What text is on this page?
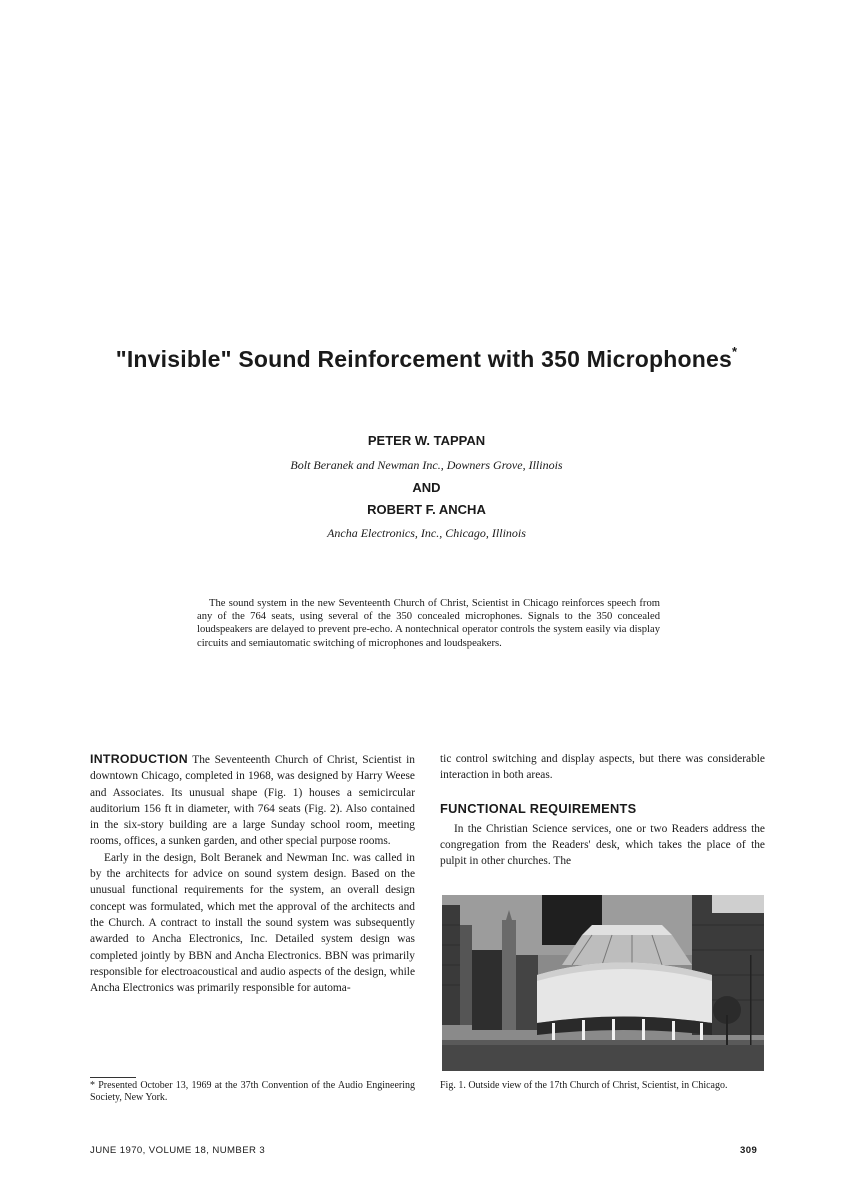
"Invisible" Sound Reinforcement with 350 Microphones*
PETER W. TAPPAN
Bolt Beranek and Newman Inc., Downers Grove, Illinois
AND
ROBERT F. ANCHA
Ancha Electronics, Inc., Chicago, Illinois
The sound system in the new Seventeenth Church of Christ, Scientist in Chicago reinforces speech from any of the 764 seats, using several of the 350 concealed microphones. Signals to the 350 concealed loudspeakers are delayed to prevent pre-echo. A nontechnical operator controls the system easily via display circuits and semiautomatic switching of microphones and loudspeakers.

INTRODUCTION The Seventeenth Church of Christ, Scientist in downtown Chicago, completed in 1968, was designed by Harry Weese and Associates. Its unusual shape (Fig. 1) houses a semicircular auditorium 156 ft in diameter, with 764 seats (Fig. 2). Also contained in the six-story building are a large Sunday school room, meeting rooms, offices, a sunken garden, and other special purpose rooms.

Early in the design, Bolt Beranek and Newman Inc. was called in by the architects for advice on sound system design. Based on the unusual functional requirements for the system, an overall design concept was formulated, which met the approval of the architects and the Church. A contract to install the sound system was subsequently awarded to Ancha Electronics, Inc. Detailed system design was completed jointly by BBN and Ancha Electronics. BBN was primarily responsible for electroacoustical and audio aspects of the design, while Ancha Electronics was primarily responsible for automa-

tic control switching and display aspects, but there was considerable interaction in both areas.

FUNCTIONAL REQUIREMENTS

In the Christian Science services, one or two Readers address the congregation from the Readers' desk, which takes the place of the pulpit in other churches. The

Fig. 1. Outside view of the 17th Church of Christ, Scientist, in Chicago.
* Presented October 13, 1969 at the 37th Convention of the Audio Engineering Society, New York.
JUNE 1970, VOLUME 18, NUMBER 3	309
